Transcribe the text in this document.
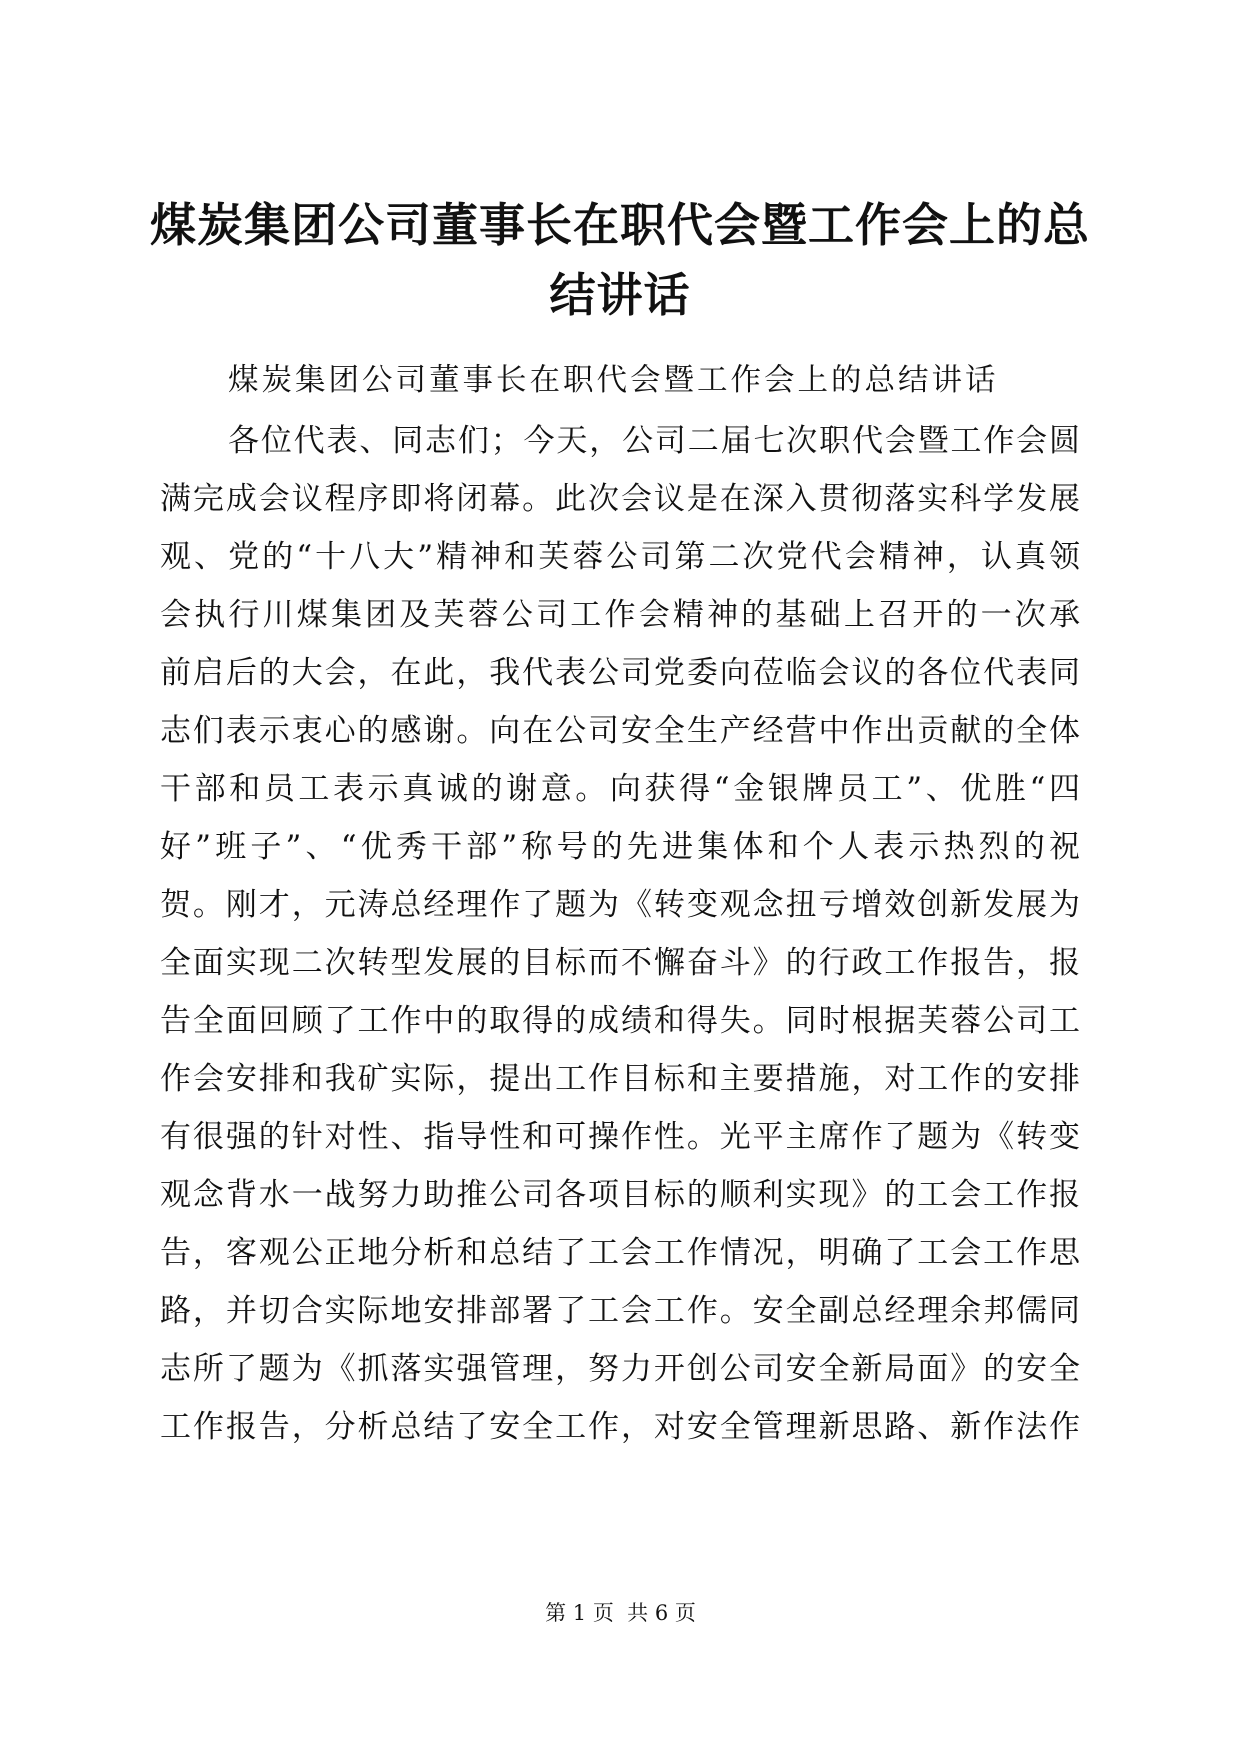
煤炭集团公司董事长在职代会暨工作会上的总结讲话

煤炭集团公司董事长在职代会暨工作会上的总结讲话

各位代表、同志们；今天，公司二届七次职代会暨工作会圆
满完成会议程序即将闭幕。此次会议是在深入贯彻落实科学发展
观、党的“十八大”精神和芙蓉公司第二次党代会精神，认真领
会执行川煤集团及芙蓉公司工作会精神的基础上召开的一次承
前启后的大会，在此，我代表公司党委向莅临会议的各位代表同
志们表示衷心的感谢。向在公司安全生产经营中作出贡献的全体
干部和员工表示真诚的谢意。向获得“金银牌员工”、优胜“四
好”班子”、“优秀干部”称号的先进集体和个人表示热烈的祝
贺。刚才，元涛总经理作了题为《转变观念扭亏增效创新发展为
全面实现二次转型发展的目标而不懈奋斗》的行政工作报告，报
告全面回顾了工作中的取得的成绩和得失。同时根据芙蓉公司工
作会安排和我矿实际，提出工作目标和主要措施，对工作的安排
有很强的针对性、指导性和可操作性。光平主席作了题为《转变
观念背水一战努力助推公司各项目标的顺利实现》的工会工作报
告，客观公正地分析和总结了工会工作情况，明确了工会工作思
路，并切合实际地安排部署了工会工作。安全副总经理余邦儒同
志所了题为《抓落实强管理，努力开创公司安全新局面》的安全
工作报告，分析总结了安全工作，对安全管理新思路、新作法作
第 1 页  共 6 页
